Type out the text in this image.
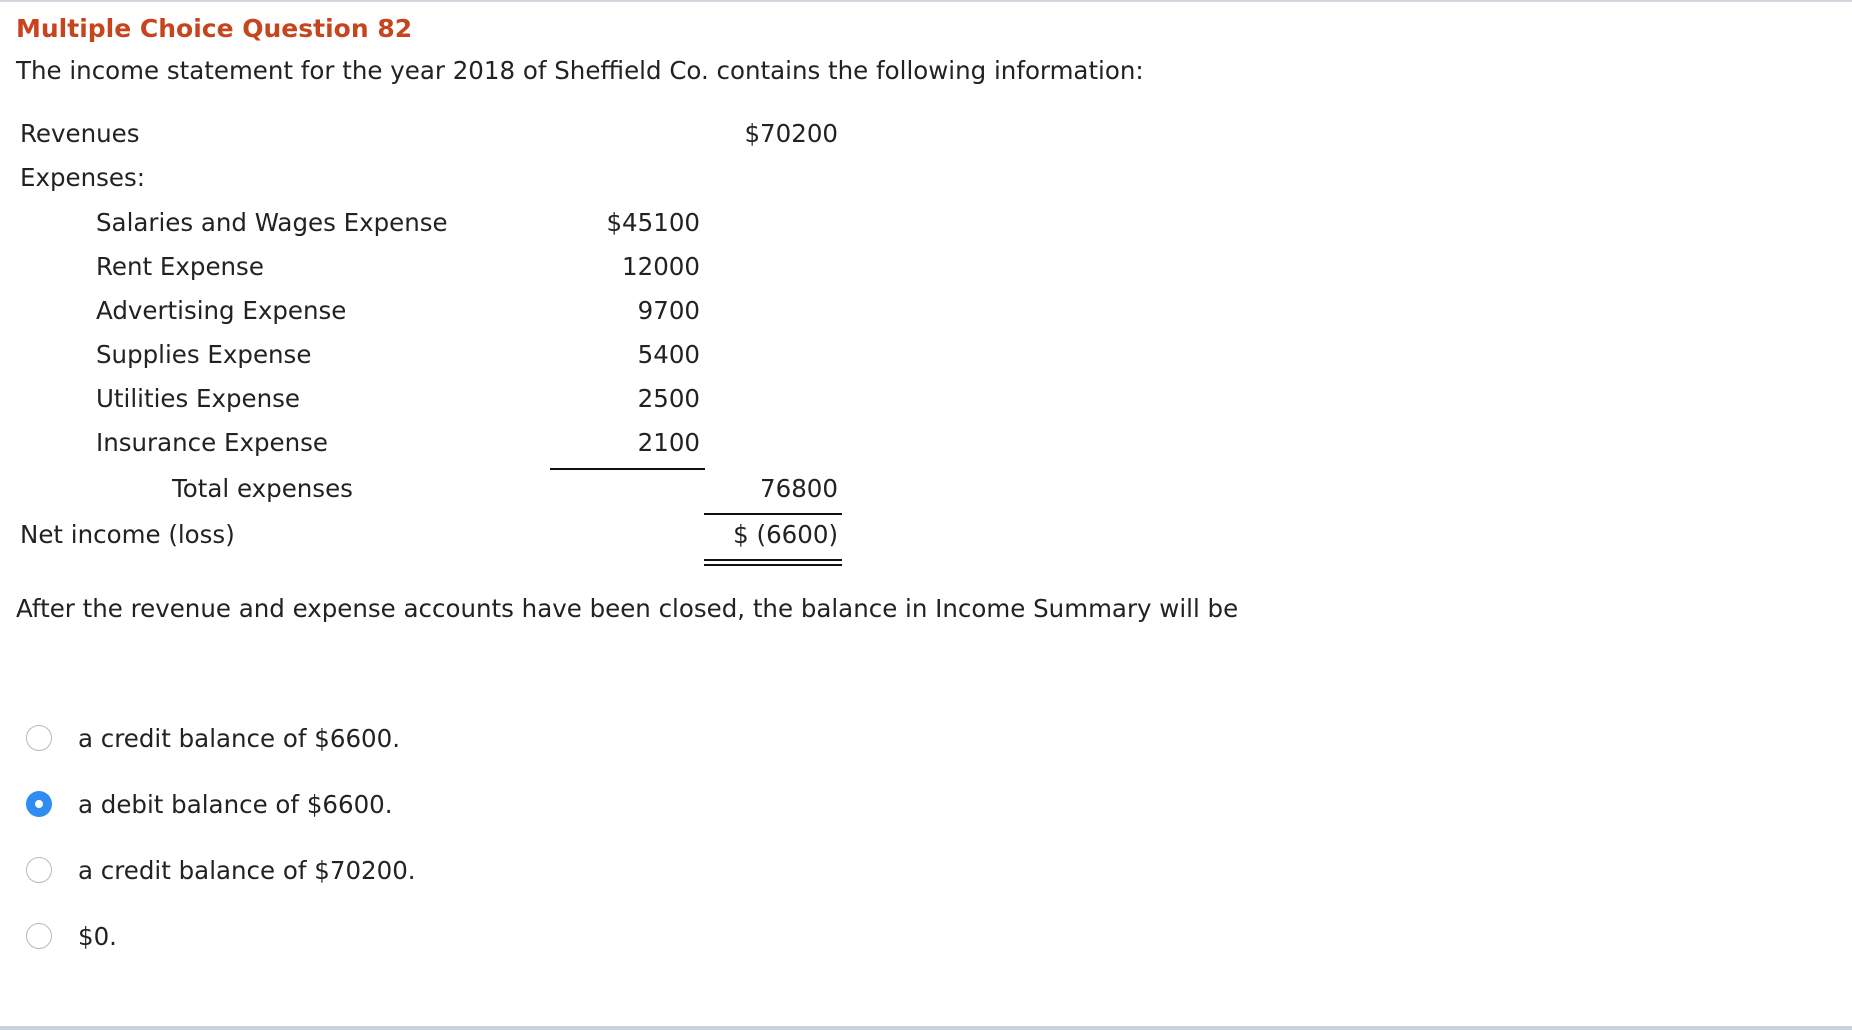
Multiple Choice Question 82
The income statement for the year 2018 of Sheffield Co. contains the following information:
Revenues	$70200
Expenses:
Salaries and Wages Expense	$45100
Rent Expense	12000
Advertising Expense	9700
Supplies Expense	5400
Utilities Expense	2500
Insurance Expense	2100
Total expenses	76800
Net income (loss)	$ (6600)
After the revenue and expense accounts have been closed, the balance in Income Summary will be
a credit balance of $6600.
a debit balance of $6600.
a credit balance of $70200.
$0.
